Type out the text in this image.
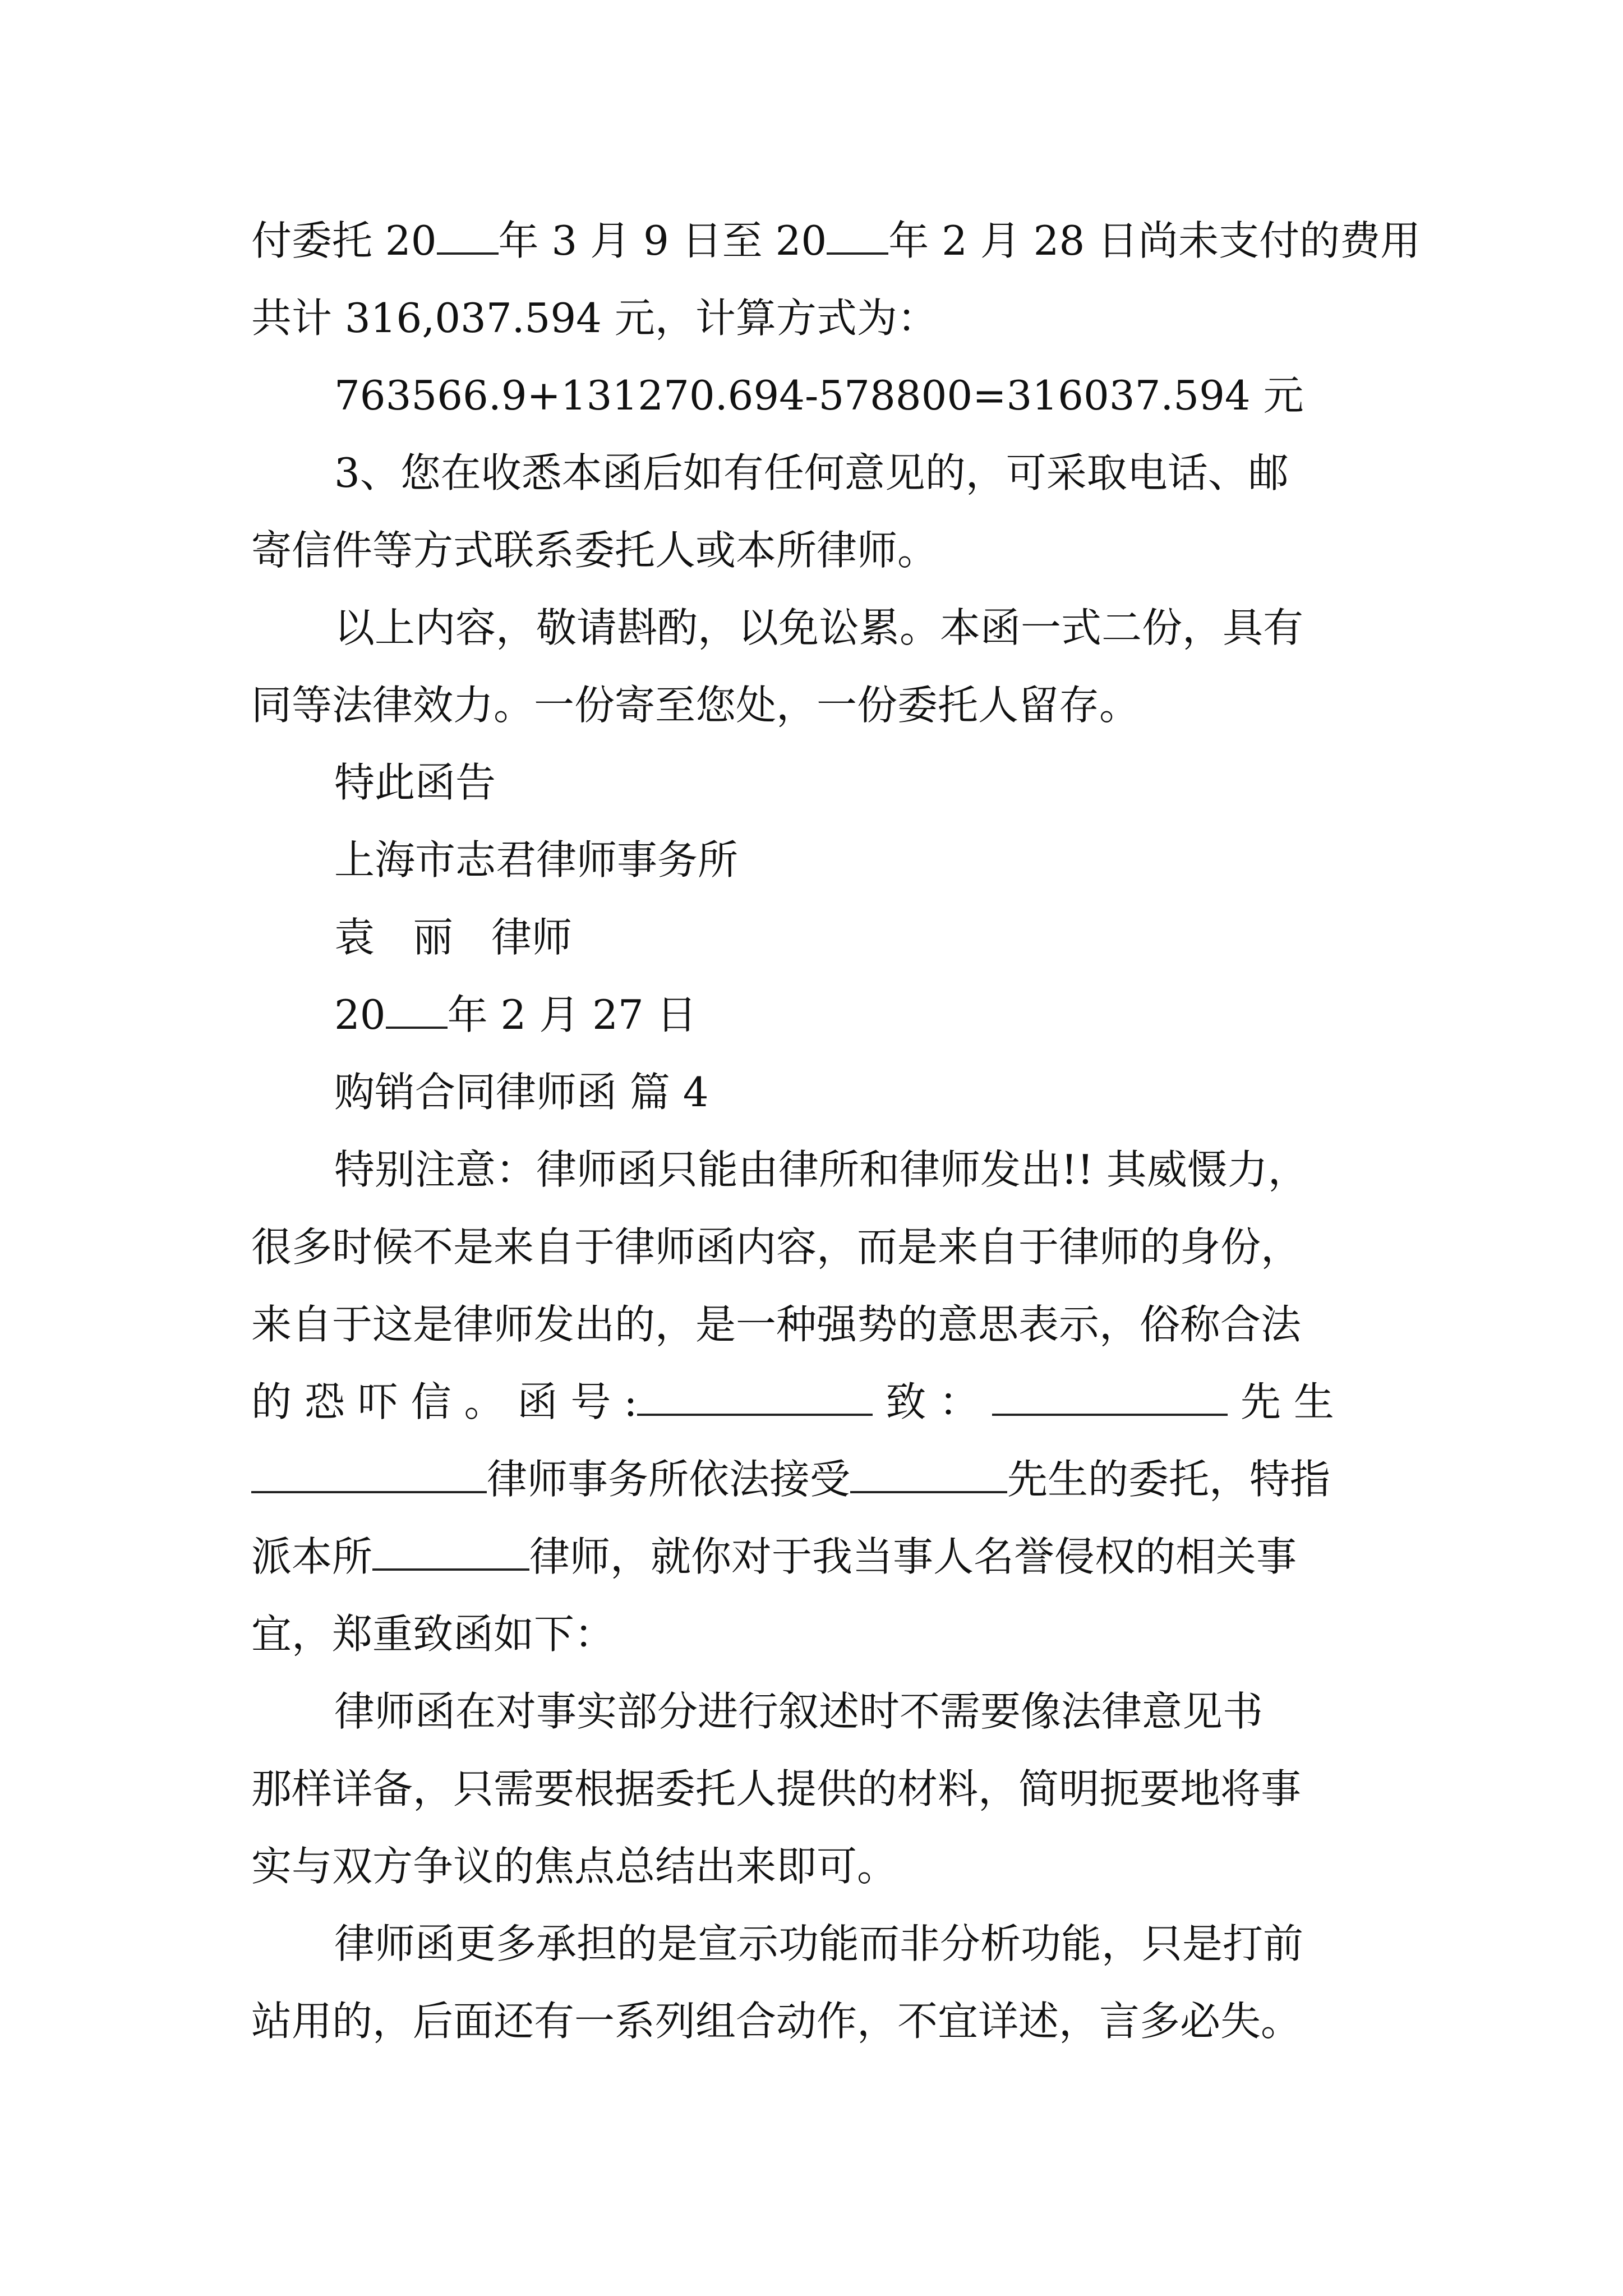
付委托 20 年 3 月 9 日至 20 年 2 月 28 日尚未支付的费用
共计 316,037.594 元，计算方式为：
763566.9+131270.694-578800=316037.594 元
3、您在收悉本函后如有任何意见的，可采取电话、邮
寄信件等方式联系委托人或本所律师。
以上内容，敬请斟酌，以免讼累。本函一式二份，具有
同等法律效力。一份寄至您处，一份委托人留存。
特此函告
上海市志君律师事务所
袁 丽 律师
20 年 2 月 27 日
购销合同律师函 篇 4
特别注意：律师函只能由律所和律师发出!! 其威慑力，
很多时候不是来自于律师函内容，而是来自于律师的身份，
来自于这是律师发出的，是一种强势的意思表示，俗称合法
的 恐 吓 信 。 函 号 :	致 ：	先 生
律师事务所依法接受	先生的委托，特指
派本所	律师，就你对于我当事人名誉侵权的相关事
宜，郑重致函如下：
律师函在对事实部分进行叙述时不需要像法律意见书
那样详备，只需要根据委托人提供的材料，简明扼要地将事
实与双方争议的焦点总结出来即可。
律师函更多承担的是宣示功能而非分析功能，只是打前
站用的，后面还有一系列组合动作，不宜详述，言多必失。
